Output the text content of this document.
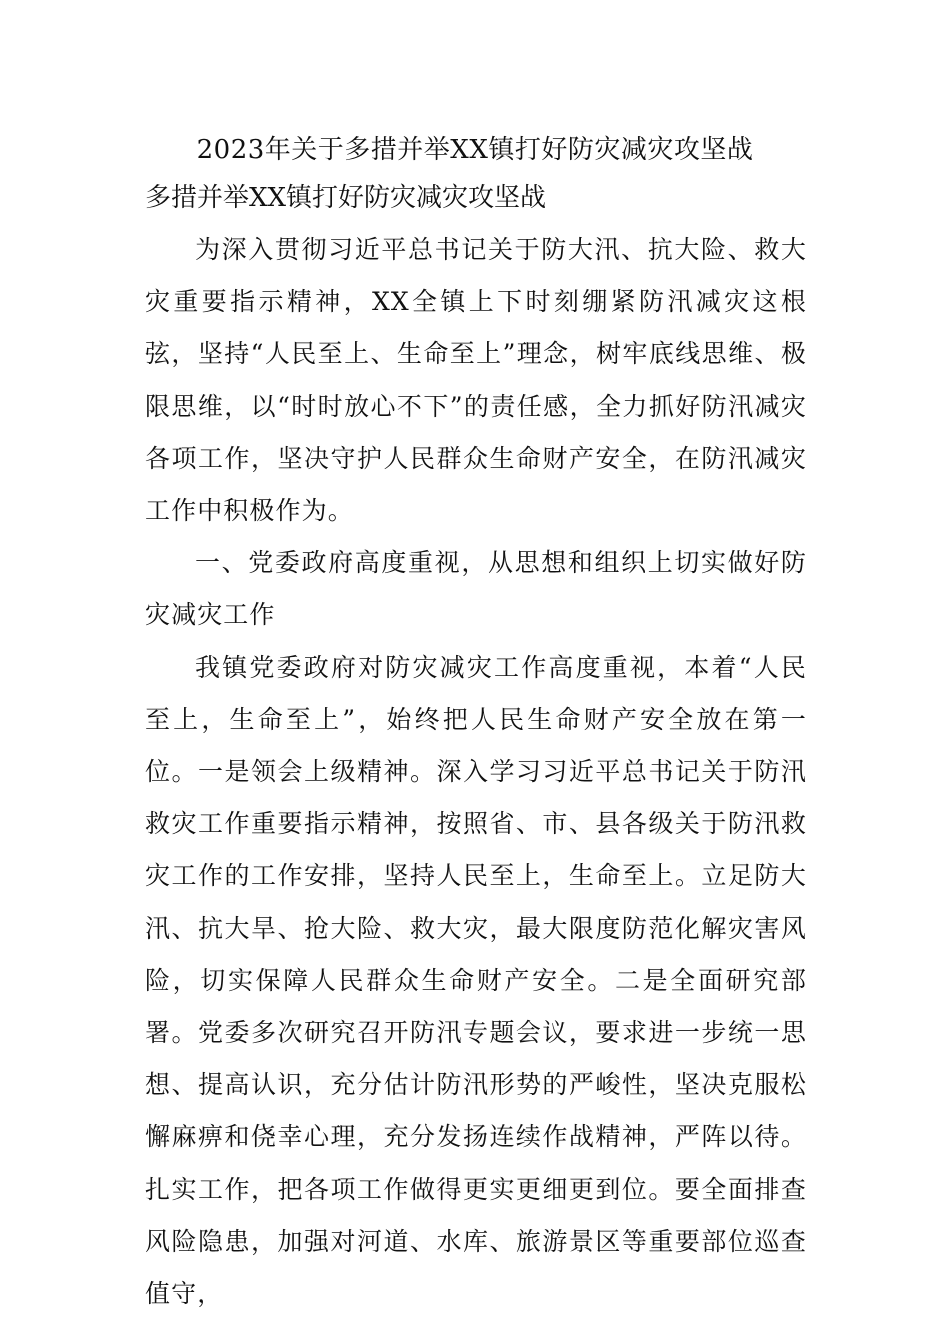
2023年关于多措并举XX镇打好防灾减灾攻坚战
多措并举XX镇打好防灾减灾攻坚战

为深入贯彻习近平总书记关于防大汛、抗大险、救大灾重要指示精神，XX全镇上下时刻绷紧防汛减灾这根弦，坚持“人民至上、生命至上”理念，树牢底线思维、极限思维，以“时时放心不下”的责任感，全力抓好防汛减灾各项工作，坚决守护人民群众生命财产安全，在防汛减灾工作中积极作为。

一、党委政府高度重视，从思想和组织上切实做好防灾减灾工作

我镇党委政府对防灾减灾工作高度重视，本着“人民至上，生命至上”，始终把人民生命财产安全放在第一位。一是领会上级精神。深入学习习近平总书记关于防汛救灾工作重要指示精神，按照省、市、县各级关于防汛救灾工作的工作安排，坚持人民至上，生命至上。立足防大汛、抗大旱、抢大险、救大灾，最大限度防范化解灾害风险，切实保障人民群众生命财产安全。二是全面研究部署。党委多次研究召开防汛专题会议，要求进一步统一思想、提高认识，充分估计防汛形势的严峻性，坚决克服松懈麻痹和侥幸心理，充分发扬连续作战精神，严阵以待。扎实工作，把各项工作做得更实更细更到位。要全面排查风险隐患，加强对河道、水库、旅游景区等重要部位巡查值守，
